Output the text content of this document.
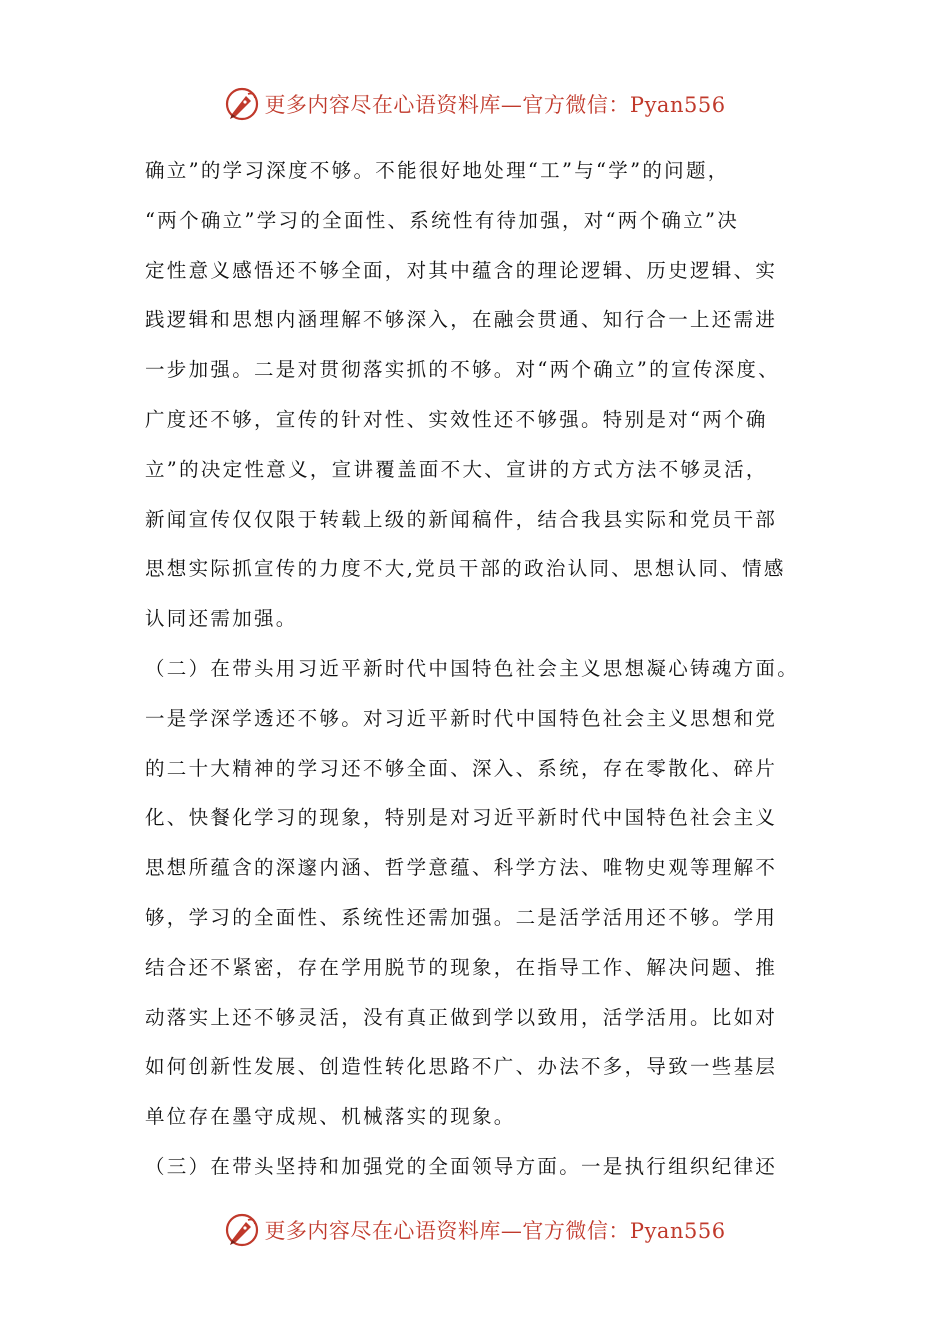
更多内容尽在心语资料库—官方微信：Pyan556
确立”的学习深度不够。不能很好地处理“工”与“学”的问题，
“两个确立”学习的全面性、系统性有待加强，对“两个确立”决
定性意义感悟还不够全面，对其中蕴含的理论逻辑、历史逻辑、实
践逻辑和思想内涵理解不够深入，在融会贯通、知行合一上还需进
一步加强。二是对贯彻落实抓的不够。对“两个确立”的宣传深度、
广度还不够，宣传的针对性、实效性还不够强。特别是对“两个确
立”的决定性意义，宣讲覆盖面不大、宣讲的方式方法不够灵活，
新闻宣传仅仅限于转载上级的新闻稿件，结合我县实际和党员干部
思想实际抓宣传的力度不大,党员干部的政治认同、思想认同、情感
认同还需加强。
（二）在带头用习近平新时代中国特色社会主义思想凝心铸魂方面。
一是学深学透还不够。对习近平新时代中国特色社会主义思想和党
的二十大精神的学习还不够全面、深入、系统，存在零散化、碎片
化、快餐化学习的现象，特别是对习近平新时代中国特色社会主义
思想所蕴含的深邃内涵、哲学意蕴、科学方法、唯物史观等理解不
够，学习的全面性、系统性还需加强。二是活学活用还不够。学用
结合还不紧密，存在学用脱节的现象，在指导工作、解决问题、推
动落实上还不够灵活，没有真正做到学以致用，活学活用。比如对
如何创新性发展、创造性转化思路不广、办法不多，导致一些基层
单位存在墨守成规、机械落实的现象。
（三）在带头坚持和加强党的全面领导方面。一是执行组织纪律还
更多内容尽在心语资料库—官方微信：Pyan556
